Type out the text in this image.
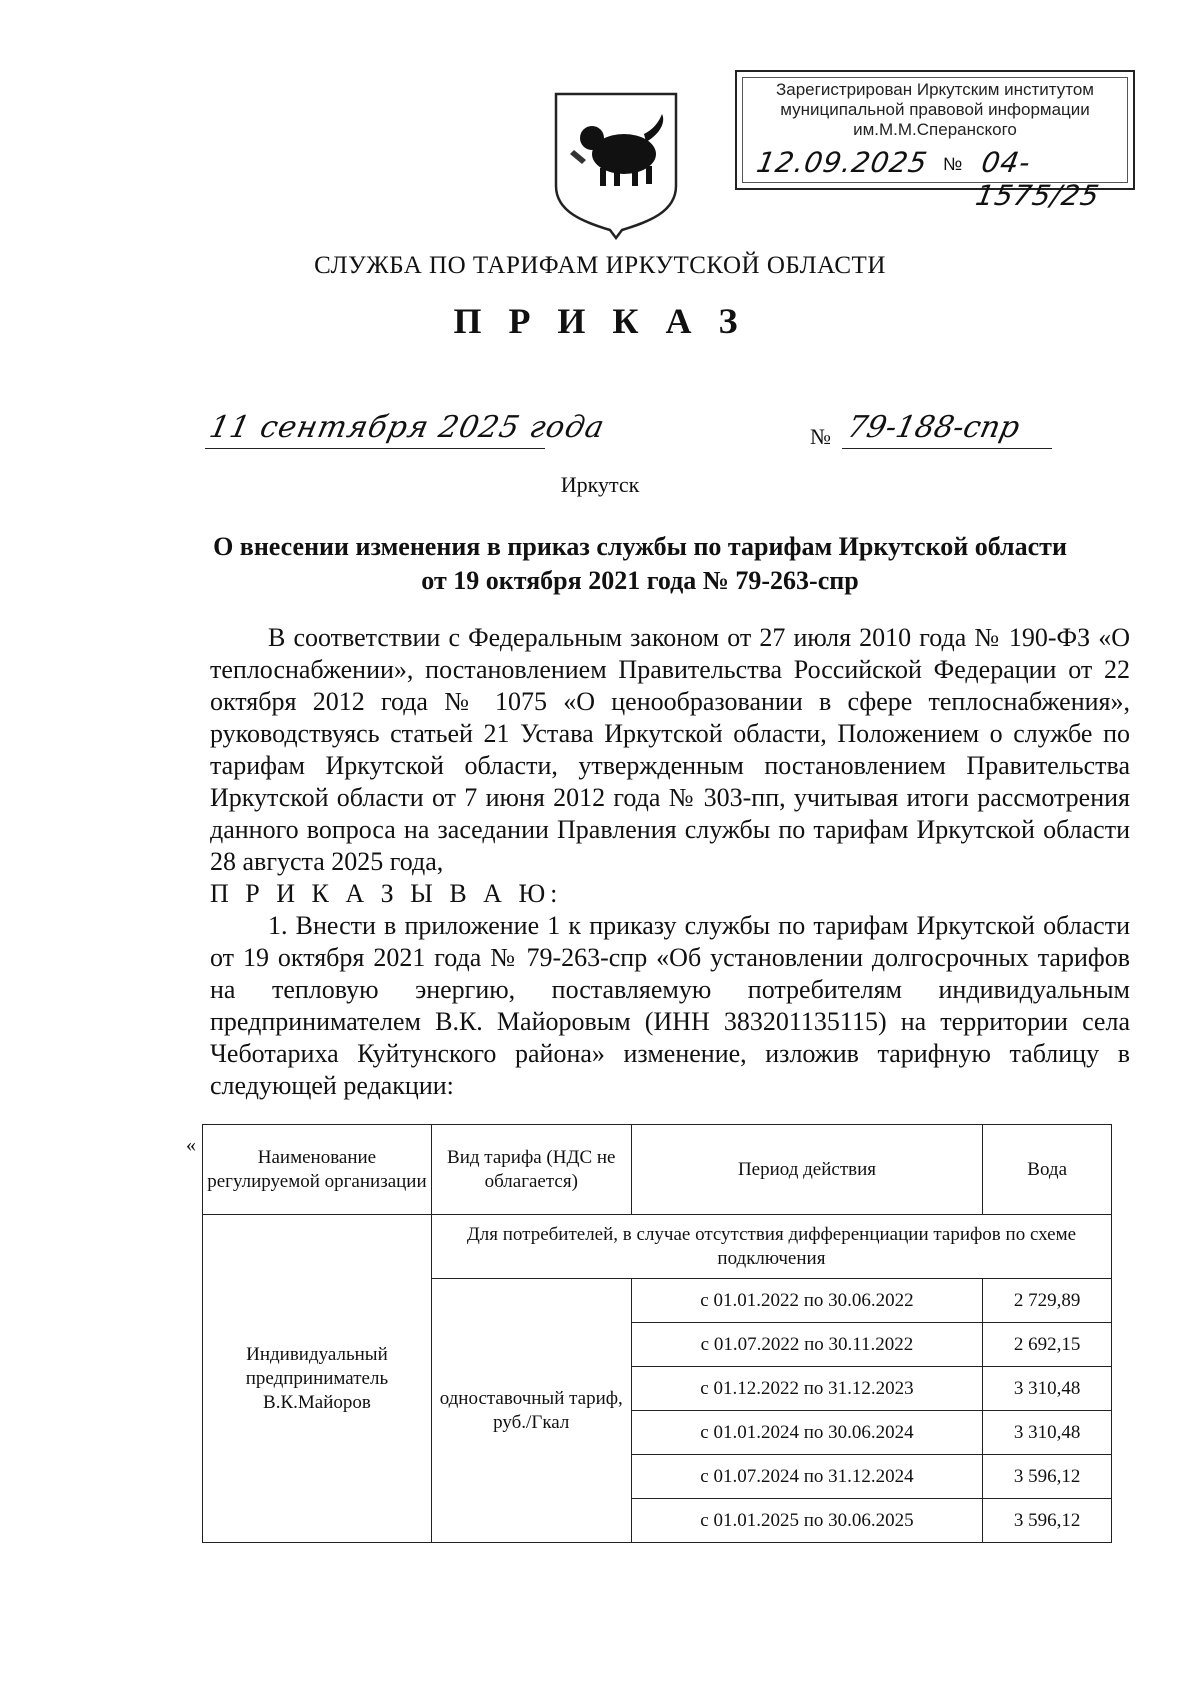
Зарегистрирован Иркутским институтом
муниципальной правовой информации
им.М.М.Сперанского
12.09.2025 № 04-1575/25
СЛУЖБА ПО ТАРИФАМ ИРКУТСКОЙ ОБЛАСТИ
П Р И К А З
11 сентября 2025 года	№ 79-188-спр
Иркутск
О внесении изменения в приказ службы по тарифам Иркутской области
от 19 октября 2021 года № 79-263-спр

В соответствии с Федеральным законом от 27 июля 2010 года № 190-ФЗ «О теплоснабжении», постановлением Правительства Российской Федерации от 22 октября 2012 года № 1075 «О ценообразовании в сфере теплоснабжения», руководствуясь статьей 21 Устава Иркутской области, Положением о службе по тарифам Иркутской области, утвержденным постановлением Правительства Иркутской области от 7 июня 2012 года № 303-пп, учитывая итоги рассмотрения данного вопроса на заседании Правления службы по тарифам Иркутской области 28 августа 2025 года,

П Р И К А З Ы В А Ю:

1. Внести в приложение 1 к приказу службы по тарифам Иркутской области от 19 октября 2021 года № 79-263-спр «Об установлении долгосрочных тарифов на тепловую энергию, поставляемую потребителям индивидуальным предпринимателем В.К. Майоровым (ИНН 383201135115) на территории села Чеботариха Куйтунского района» изменение, изложив тарифную таблицу в следующей редакции:

«
Наименование регулируемой организации	Вид тарифа (НДС не облагается)	Период действия	Вода
Индивидуальный предприниматель В.К.Майоров	Для потребителей, в случае отсутствия дифференциации тарифов по схеме подключения		
	одноставочный тариф, руб./Гкал	с 01.01.2022 по 30.06.2022	2 729,89
		с 01.07.2022 по 30.11.2022	2 692,15
		с 01.12.2022 по 31.12.2023	3 310,48
		с 01.01.2024 по 30.06.2024	3 310,48
		с 01.07.2024 по 31.12.2024	3 596,12
		с 01.01.2025 по 30.06.2025	3 596,12
